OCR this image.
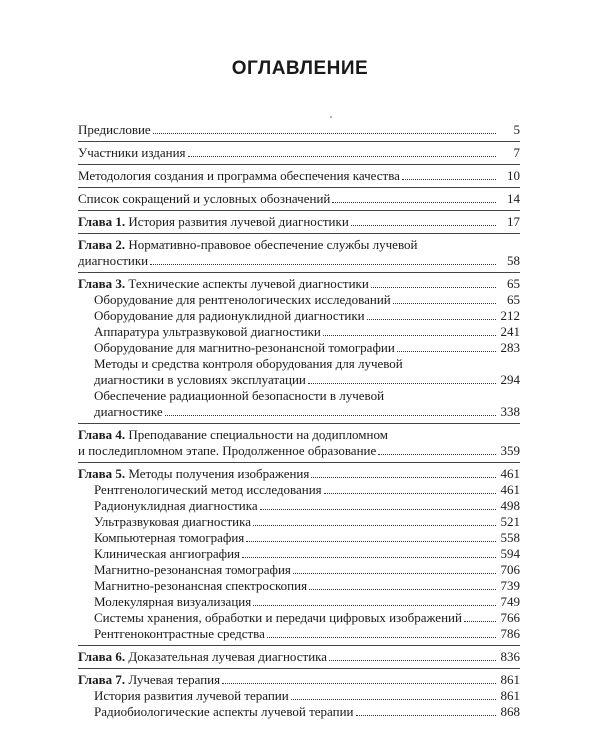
ОГЛАВЛЕНИЕ
Предисловие	5
Участники издания	7
Методология создания и программа обеспечения качества	10
Список сокращений и условных обозначений	14
Глава 1. История развития лучевой диагностики	17
Глава 2. Нормативно-правовое обеспечение службы лучевой
диагностики	58
Глава 3. Технические аспекты лучевой диагностики	65
Оборудование для рентгенологических исследований	65
Оборудование для радионуклидной диагностики	212
Аппаратура ультразвуковой диагностики	241
Оборудование для магнитно-резонансной томографии	283
Методы и средства контроля оборудования для лучевой
диагностики в условиях эксплуатации	294
Обеспечение радиационной безопасности в лучевой
диагностике	338
Глава 4. Преподавание специальности на додипломном
и последипломном этапе. Продолженное образование	359
Глава 5. Методы получения изображения	461
Рентгенологический метод исследования	461
Радионуклидная диагностика	498
Ультразвуковая диагностика	521
Компьютерная томография	558
Клиническая ангиография	594
Магнитно-резонансная томография	706
Магнитно-резонансная спектроскопия	739
Молекулярная визуализация	749
Системы хранения, обработки и передачи цифровых изображений	766
Рентгеноконтрастные средства	786
Глава 6. Доказательная лучевая диагностика	836
Глава 7. Лучевая терапия	861
История развития лучевой терапии	861
Радиобиологические аспекты лучевой терапии	868
